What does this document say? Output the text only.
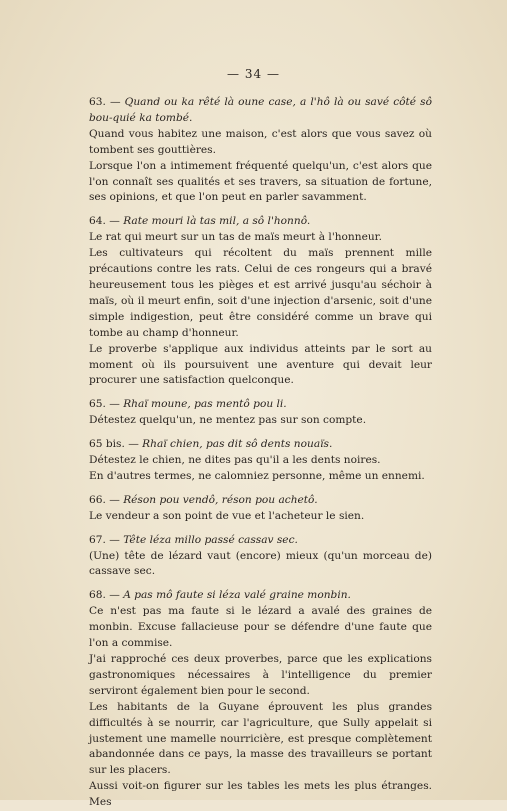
— 34 —

63. — Quand ou ka rêté là oune case, a l'hô là ou savé côté sô bou-quié ka tombé.

Quand vous habitez une maison, c'est alors que vous savez où tombent ses gouttières.

Lorsque l'on a intimement fréquenté quelqu'un, c'est alors que l'on connaît ses qualités et ses travers, sa situation de fortune, ses opinions, et que l'on peut en parler savamment.

64. — Rate mouri là tas mil, a sô l'honnô.

Le rat qui meurt sur un tas de maïs meurt à l'honneur.

Les cultivateurs qui récoltent du maïs prennent mille précautions contre les rats. Celui de ces rongeurs qui a bravé heureusement tous les pièges et est arrivé jusqu'au séchoir à maïs, où il meurt enfin, soit d'une injection d'arsenic, soit d'une simple indigestion, peut être considéré comme un brave qui tombe au champ d'honneur.

Le proverbe s'applique aux individus atteints par le sort au moment où ils poursuivent une aventure qui devait leur procurer une satisfaction quelconque.

65. — Rhaï moune, pas mentô pou li.

Détestez quelqu'un, ne mentez pas sur son compte.

65 bis. — Rhaï chien, pas dit sô dents nouaïs.

Détestez le chien, ne dites pas qu'il a les dents noires.

En d'autres termes, ne calomniez personne, même un ennemi.

66. — Réson pou vendô, réson pou achetô.

Le vendeur a son point de vue et l'acheteur le sien.

67. — Tête léza millo passé cassav sec.

(Une) tête de lézard vaut (encore) mieux (qu'un morceau de) cassave sec.

68. — A pas mô faute si léza valé graine monbin.

Ce n'est pas ma faute si le lézard a avalé des graines de monbin. Excuse fallacieuse pour se défendre d'une faute que l'on a commise.

J'ai rapproché ces deux proverbes, parce que les explications gastronomiques nécessaires à l'intelligence du premier serviront également bien pour le second.

Les habitants de la Guyane éprouvent les plus grandes difficultés à se nourrir, car l'agriculture, que Sully appelait si justement une mamelle nourricière, est presque complètement abandonnée dans ce pays, la masse des travailleurs se portant sur les placers.

Aussi voit-on figurer sur les tables les mets les plus étranges. Mes
